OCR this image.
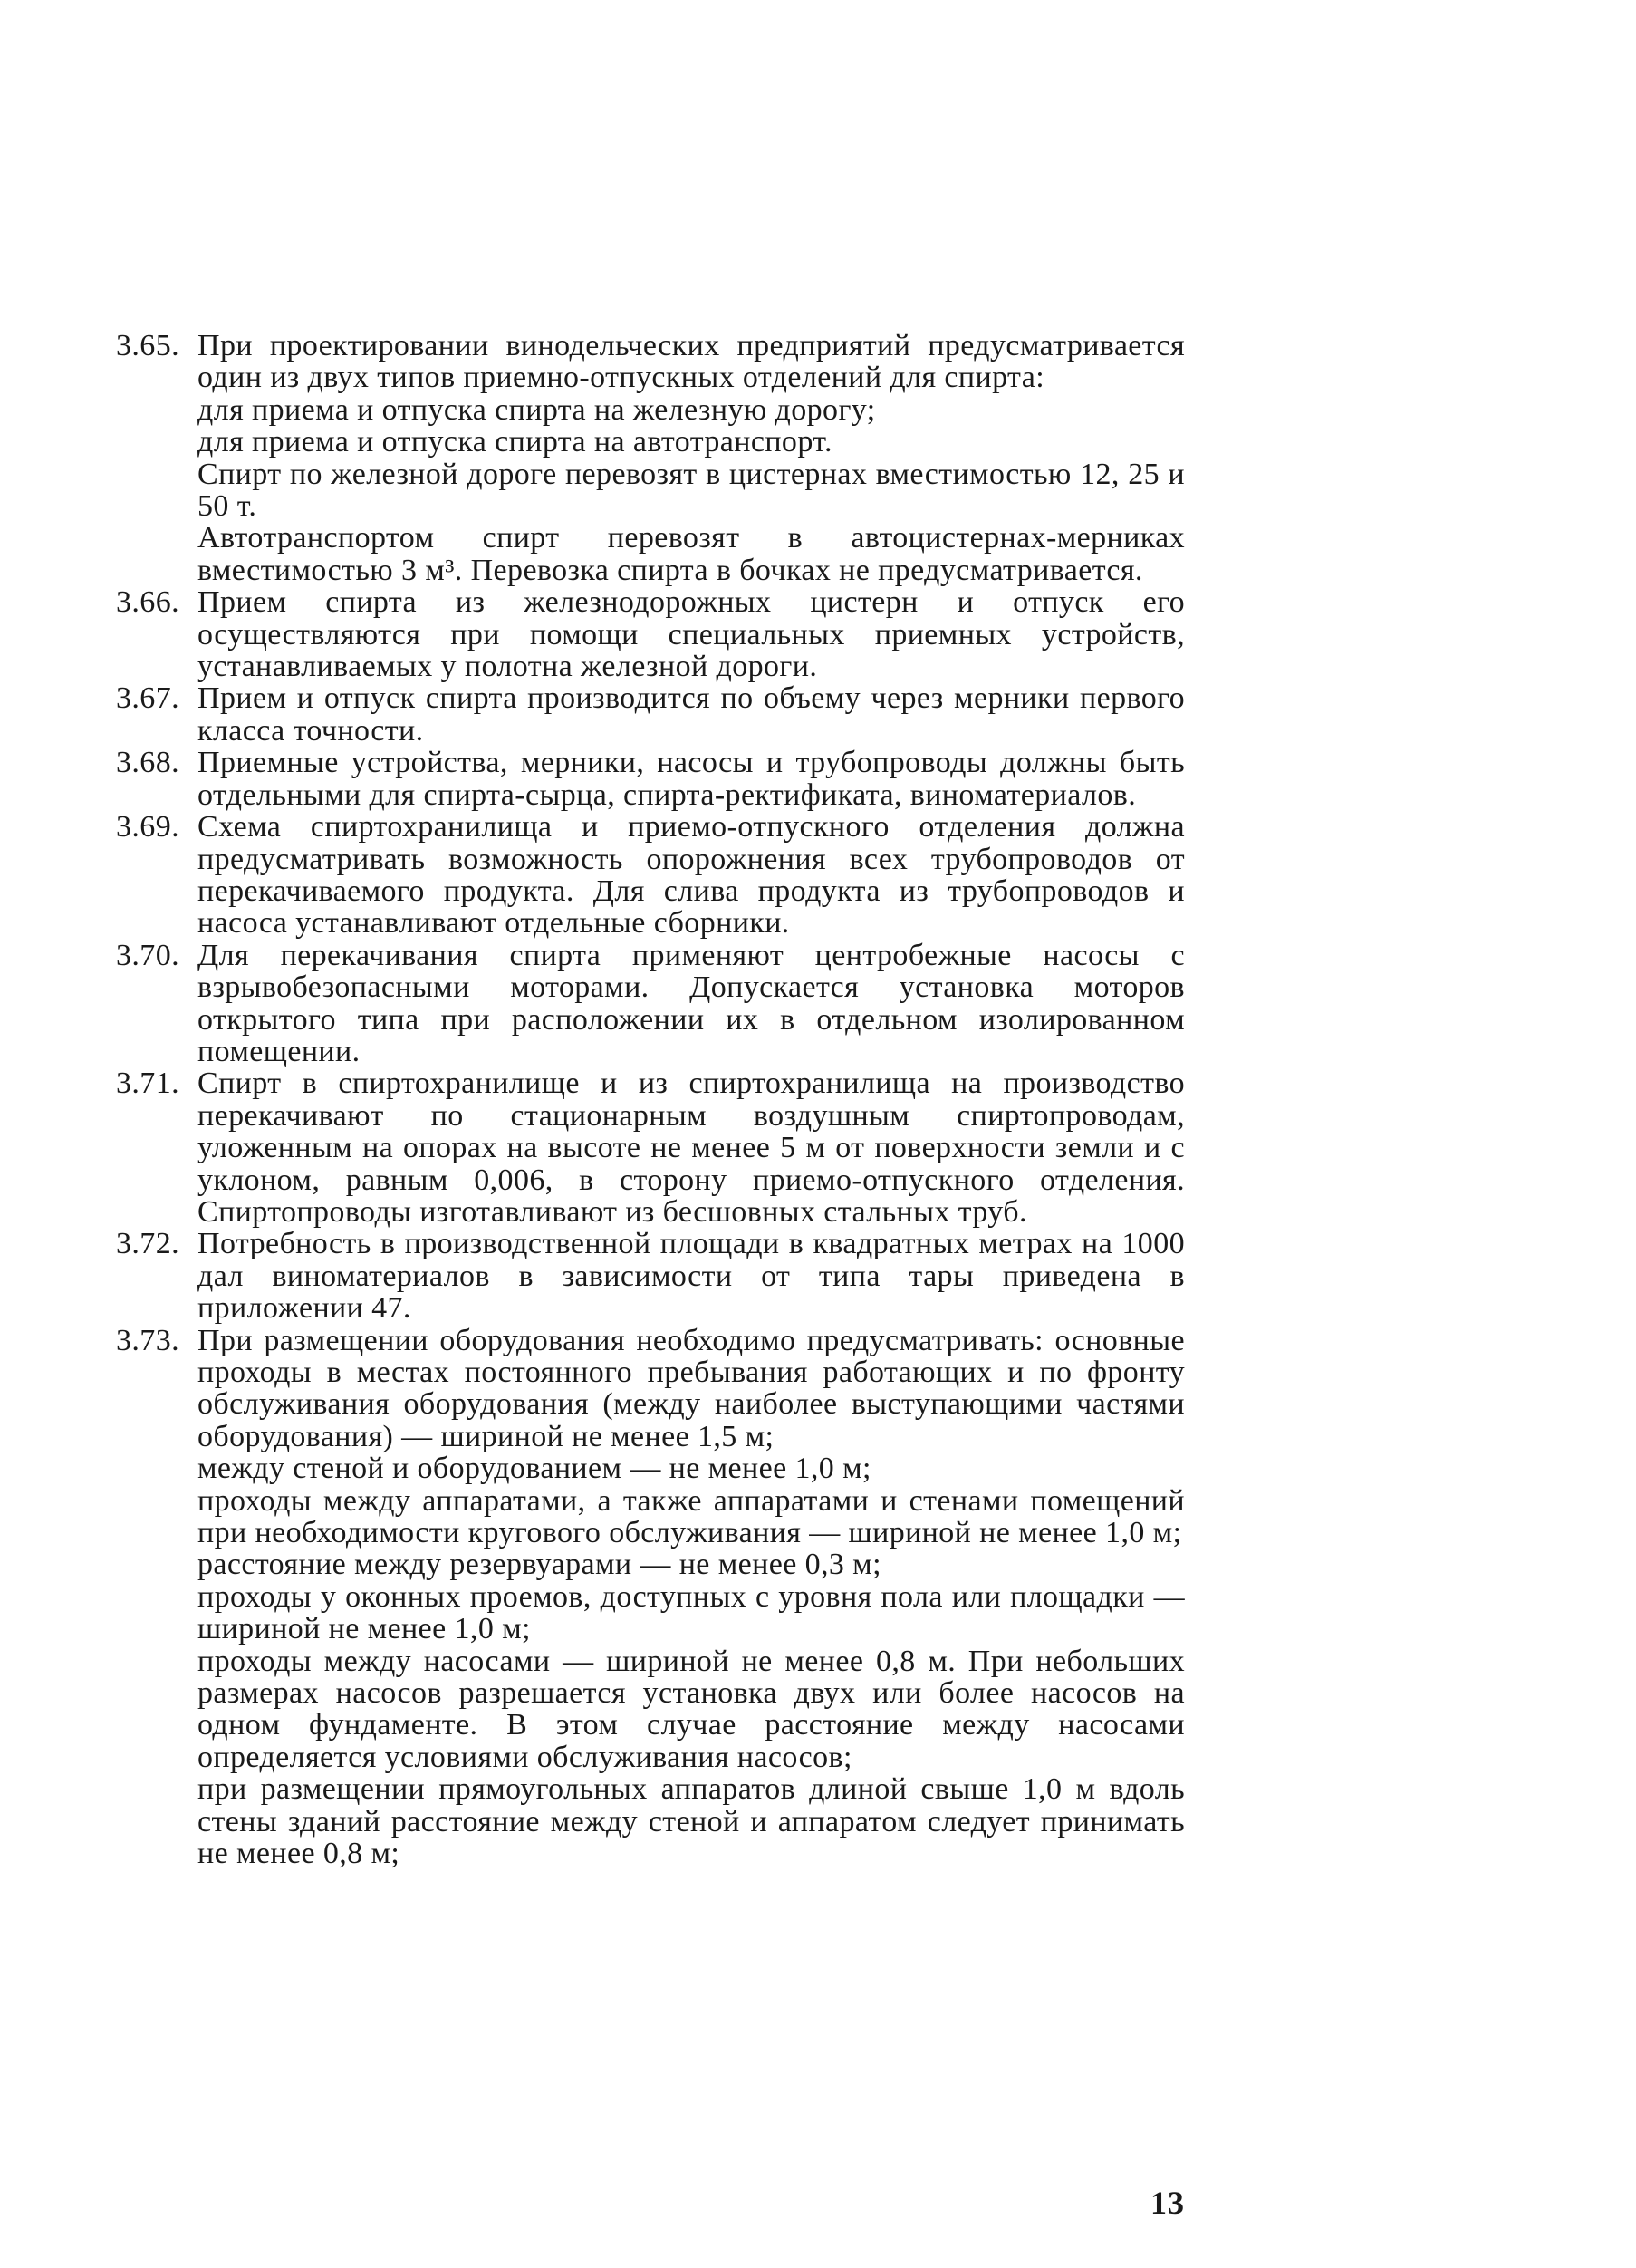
3.65. При проектировании винодельческих предприятий предусматривается один из двух типов приемно-отпускных отделений для спирта:
для приема и отпуска спирта на железную дорогу;
для приема и отпуска спирта на автотранспорт.
Спирт по железной дороге перевозят в цистернах вместимостью 12, 25 и 50 т.
Автотранспортом спирт перевозят в автоцистернах-мерниках вместимостью 3 м³. Перевозка спирта в бочках не предусматривается.
3.66. Прием спирта из железнодорожных цистерн и отпуск его осуществляются при помощи специальных приемных устройств, устанавливаемых у полотна железной дороги.
3.67. Прием и отпуск спирта производится по объему через мерники первого класса точности.
3.68. Приемные устройства, мерники, насосы и трубопроводы должны быть отдельными для спирта-сырца, спирта-ректификата, виноматериалов.
3.69. Схема спиртохранилища и приемо-отпускного отделения должна предусматривать возможность опорожнения всех трубопроводов от перекачиваемого продукта. Для слива продукта из трубопроводов и насоса устанавливают отдельные сборники.
3.70. Для перекачивания спирта применяют центробежные насосы с взрывобезопасными моторами. Допускается установка моторов открытого типа при расположении их в отдельном изолированном помещении.
3.71. Спирт в спиртохранилище и из спиртохранилища на производство перекачивают по стационарным воздушным спиртопроводам, уложенным на опорах на высоте не менее 5 м от поверхности земли и с уклоном, равным 0,006, в сторону приемо-отпускного отделения. Спиртопроводы изготавливают из бесшовных стальных труб.
3.72. Потребность в производственной площади в квадратных метрах на 1000 дал виноматериалов в зависимости от типа тары приведена в приложении 47.
3.73. При размещении оборудования необходимо предусматривать: основные проходы в местах постоянного пребывания работающих и по фронту обслуживания оборудования (между наиболее выступающими частями оборудования) — шириной не менее 1,5 м;
между стеной и оборудованием — не менее 1,0 м;
проходы между аппаратами, а также аппаратами и стенами помещений при необходимости кругового обслуживания — шириной не менее 1,0 м;
расстояние между резервуарами — не менее 0,3 м;
проходы у оконных проемов, доступных с уровня пола или площадки — шириной не менее 1,0 м;
проходы между насосами — шириной не менее 0,8 м. При небольших размерах насосов разрешается установка двух или более насосов на одном фундаменте. В этом случае расстояние между насосами определяется условиями обслуживания насосов;
при размещении прямоугольных аппаратов длиной свыше 1,0 м вдоль стены зданий расстояние между стеной и аппаратом следует принимать не менее 0,8 м;
13
